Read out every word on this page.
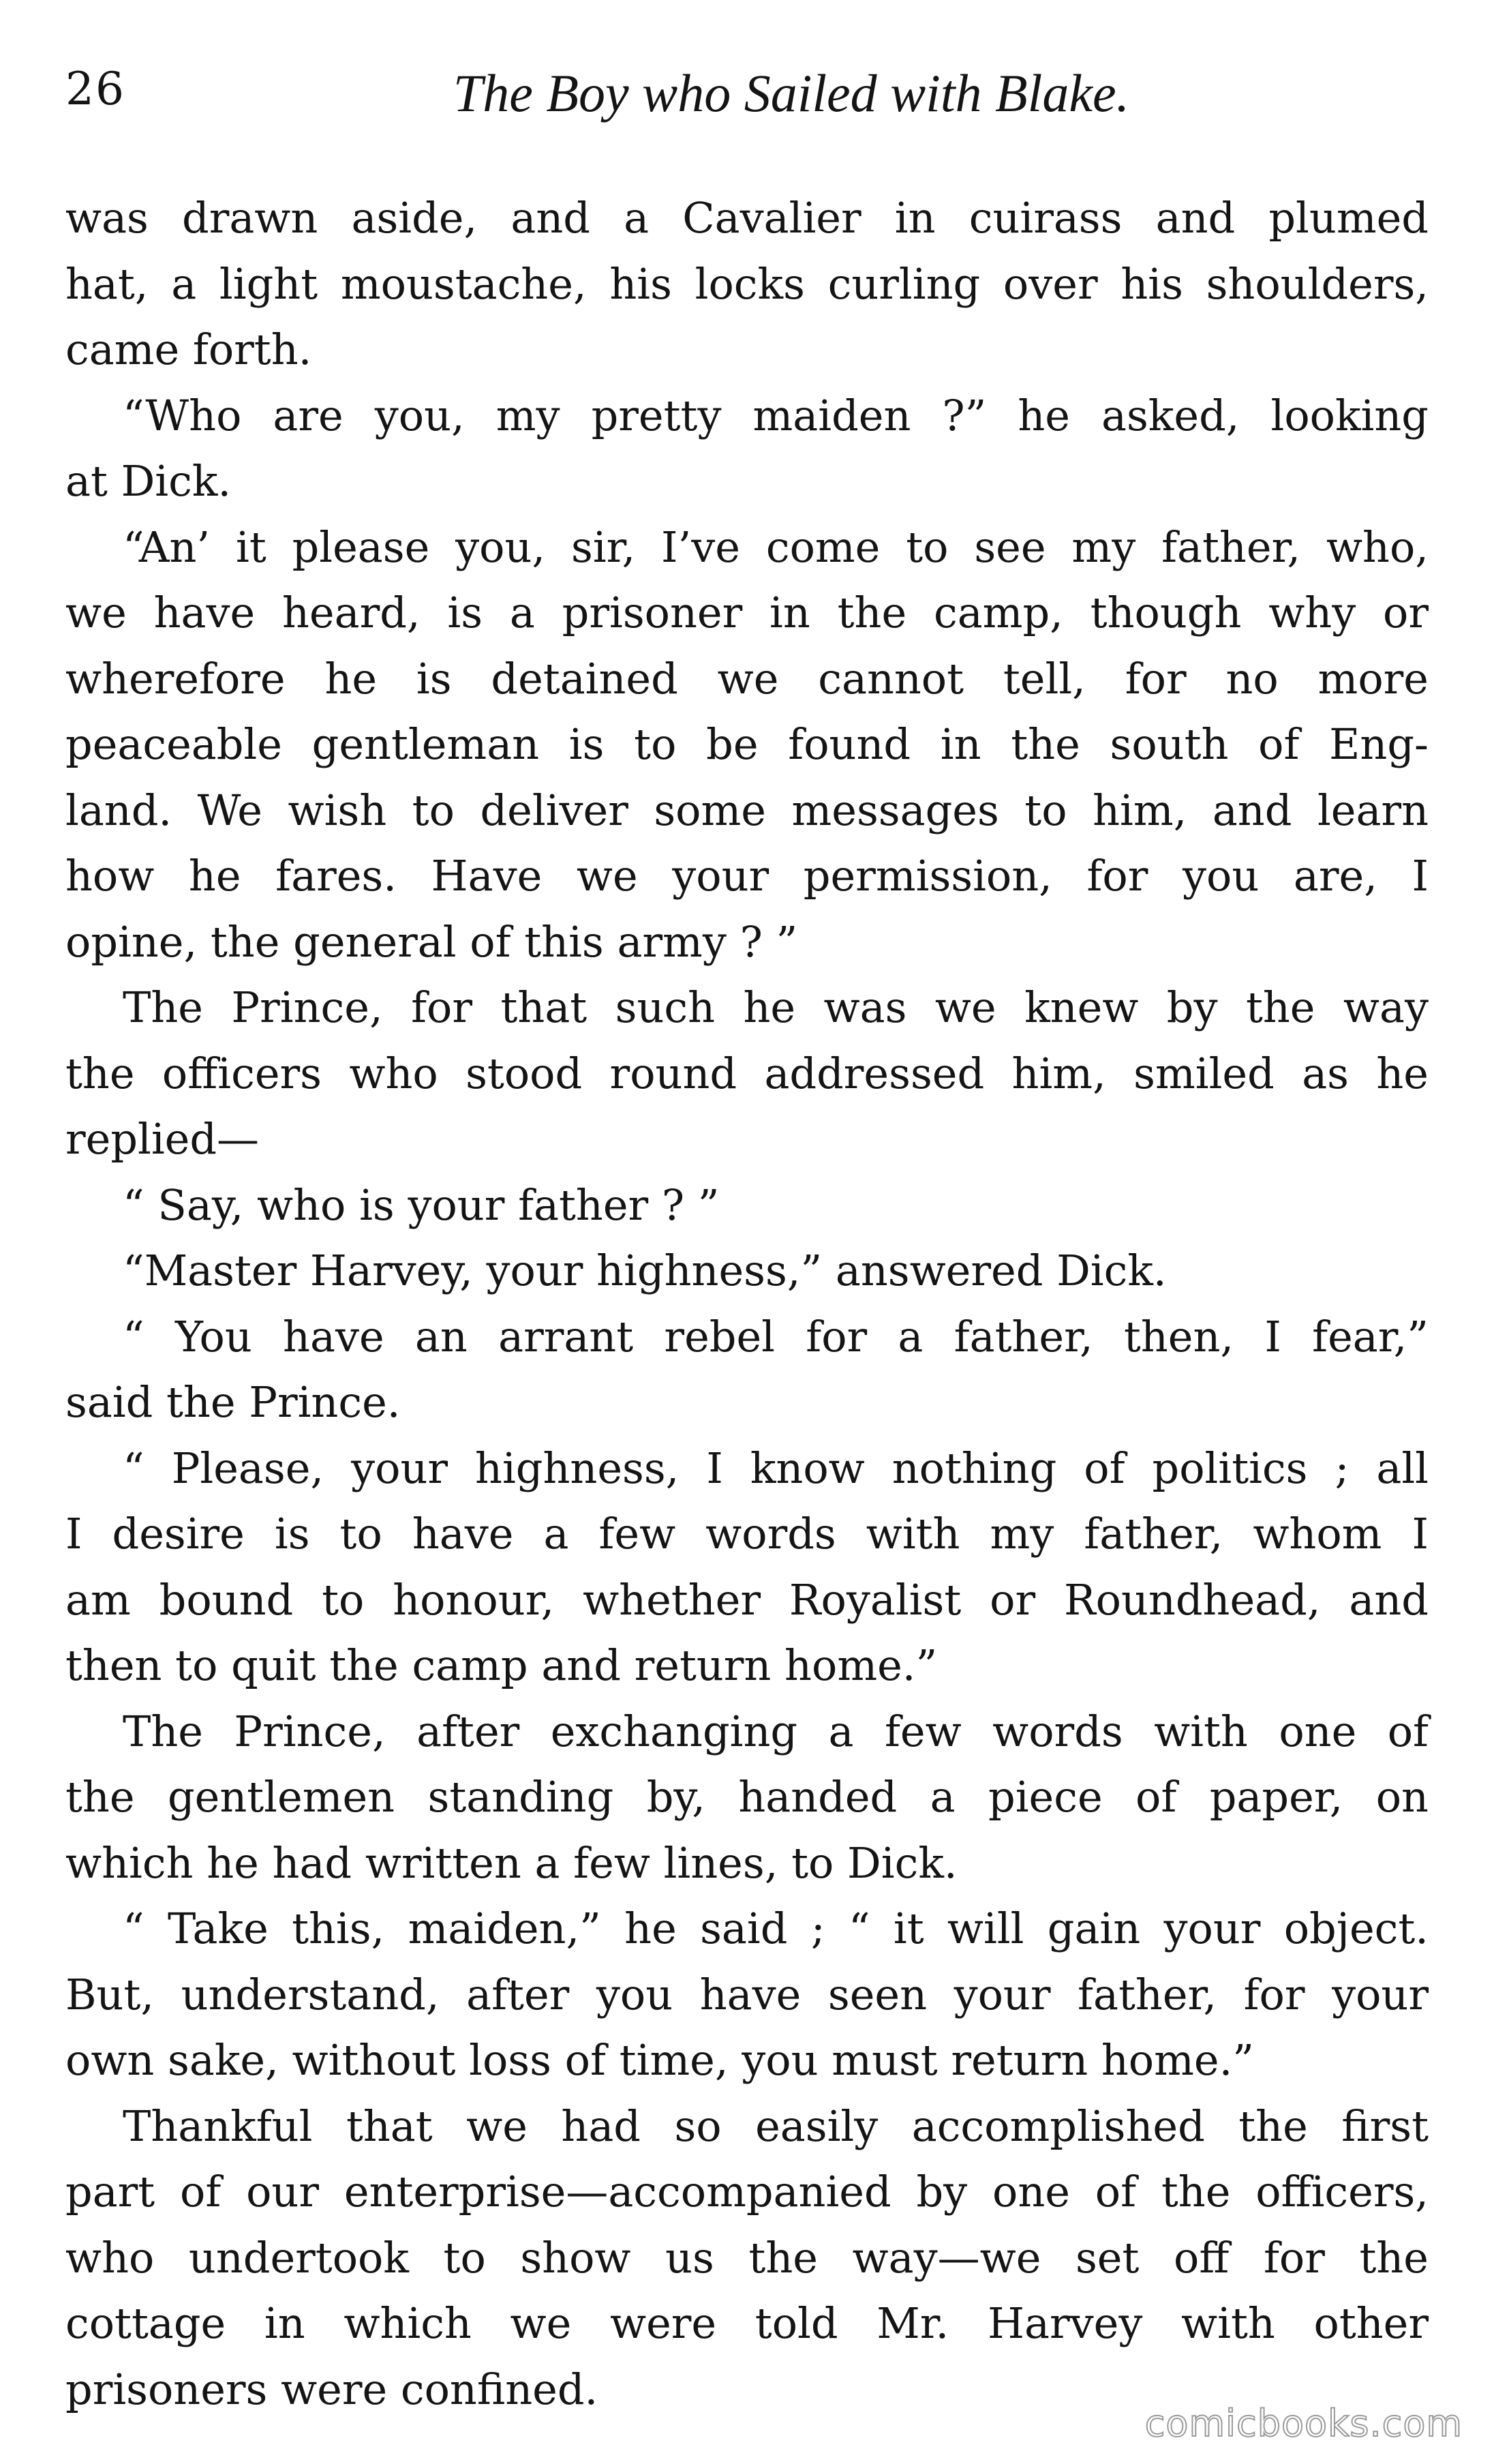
26	The Boy who Sailed with Blake.
was drawn aside, and a Cavalier in cuirass and plumed
hat, a light moustache, his locks curling over his shoulders,
came forth.
“Who are you, my pretty maiden ?” he asked, looking
at Dick.
“An’ it please you, sir, I’ve come to see my father, who,
we have heard, is a prisoner in the camp, though why or
wherefore he is detained we cannot tell, for no more
peaceable gentleman is to be found in the south of Eng-
land. We wish to deliver some messages to him, and learn
how he fares. Have we your permission, for you are, I
opine, the general of this army ? ”
The Prince, for that such he was we knew by the way
the officers who stood round addressed him, smiled as he
replied—
“ Say, who is your father ? ”
“Master Harvey, your highness,” answered Dick.
“ You have an arrant rebel for a father, then, I fear,”
said the Prince.
“ Please, your highness, I know nothing of politics ; all
I desire is to have a few words with my father, whom I
am bound to honour, whether Royalist or Roundhead, and
then to quit the camp and return home.”
The Prince, after exchanging a few words with one of
the gentlemen standing by, handed a piece of paper, on
which he had written a few lines, to Dick.
“ Take this, maiden,” he said ; “ it will gain your object.
But, understand, after you have seen your father, for your
own sake, without loss of time, you must return home.”
Thankful that we had so easily accomplished the first
part of our enterprise—accompanied by one of the officers,
who undertook to show us the way—we set off for the
cottage in which we were told Mr. Harvey with other
prisoners were confined.
comicbooks.com
